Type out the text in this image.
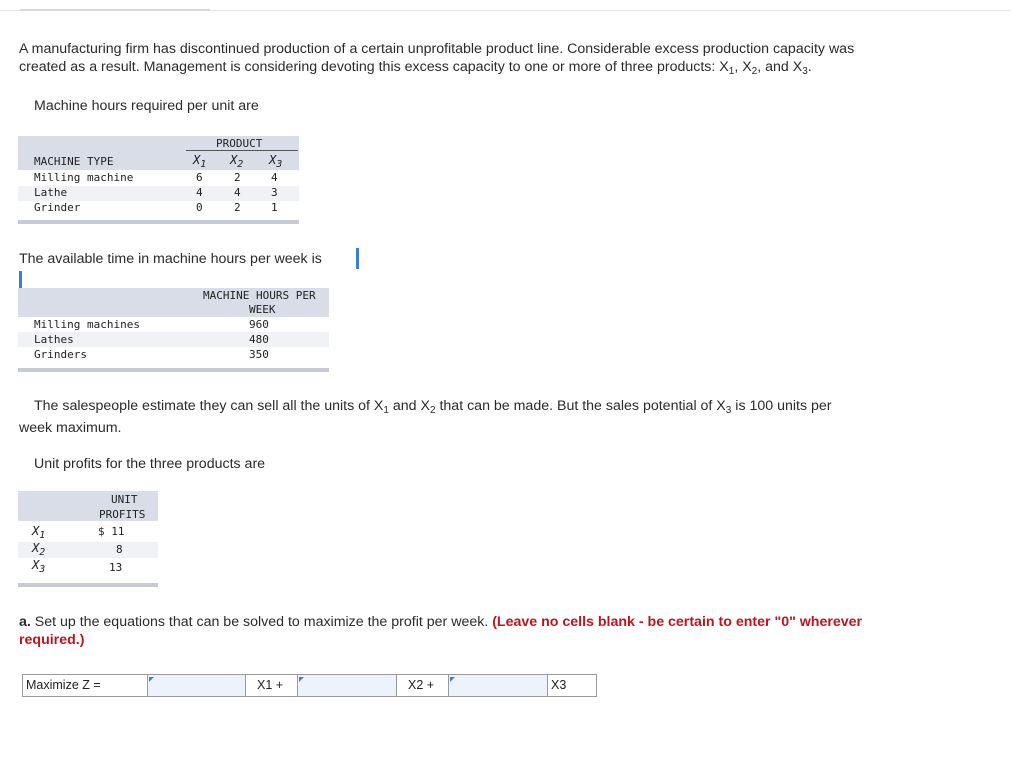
A manufacturing firm has discontinued production of a certain unprofitable product line. Considerable excess production capacity was
created as a result. Management is considering devoting this excess capacity to one or more of three products: $X_1$, $X_2$, and $X_3$.
Machine hours required per unit are
PRODUCT
MACHINE TYPE	$X_1$ $X_2$ $X_3$
Milling machine	6	2	4
Lathe	4	4	3
Grinder	0	2	1
The available time in machine hours per week is
MACHINE HOURS PER
WEEK
Milling machines	960
Lathes	480
Grinders	350
The salespeople estimate they can sell all the units of $X_1$ and $X_2$ that can be made. But the sales potential of $X_3$ is 100 units per
week maximum.
Unit profits for the three products are
UNIT
PROFITS
$X_1$	$ 11
$X_2$	8
$X_3$	13
a. Set up the equations that can be solved to maximize the profit per week. (Leave no cells blank - be certain to enter "0" wherever
required.)
Maximize Z =	X1 +	X2 +	X3
